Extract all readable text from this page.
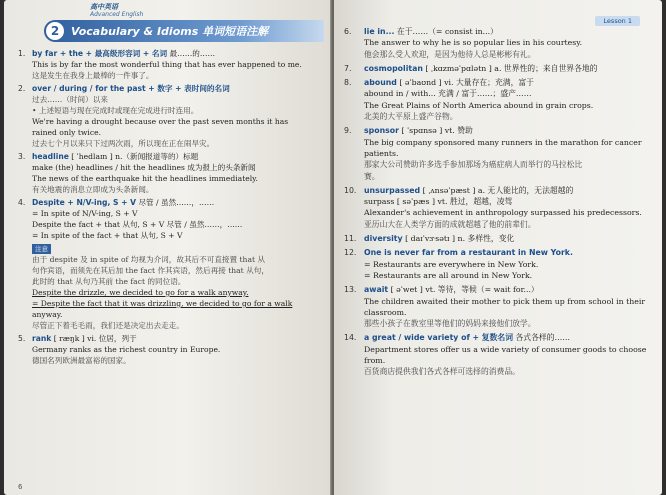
高中英语
Advanced English
2	Vocabulary & Idioms 单词短语注解
1. by far + the + 最高级形容词 + 名词 最……的……
This is by far the most wonderful thing that has ever happened to me.
这是发生在我身上最棒的一件事了。
2. over / during / for the past + 数字 + 表时间的名词
过去……（时间）以来
• 上述短语与现在完成时或现在完成进行时连用。
We're having a drought because over the past seven months it has
rained only twice.
过去七个月以来只下过两次雨，所以现在正在闹旱灾。
3. headline [ ˈhedlaɪn ] n.（新闻报道等的）标题
make (the) headlines / hit the headlines 成为报上的头条新闻
The news of the earthquake hit the headlines immediately.
有关地震的消息立即成为头条新闻。
4. Despite + N/V-ing, S + V 尽管 / 虽然……，……
= In spite of N/V-ing, S + V
Despite the fact + that 从句, S + V 尽管 / 虽然……，……
= In spite of the fact + that 从句, S + V
注意
由于 despite 及 in spite of 均视为介词，故其后不可直接置 that 从
句作宾语，而须先在其后加 the fact 作其宾语，然后再接 that 从句，
此时的 that 从句乃其前 the fact 的同位语。
Despite the drizzle, we decided to go for a walk anyway.
= Despite the fact that it was drizzling, we decided to go for a walk
anyway.
尽管正下着毛毛雨，我们还是决定出去走走。
5. rank [ ræŋk ] vi. 位居，列于
Germany ranks as the richest country in Europe.
德国名列欧洲最富裕的国家。
6
Lesson 1
6.	lie in... 在于……（= consist in...）
The answer to why he is so popular lies in his courtesy.
他会那么受人欢迎，是因为他待人总是彬彬有礼。
7.	cosmopolitan [ ˌkɑzməˈpɑlətn ] a. 世界性的；来自世界各地的
8.	abound [ əˈbaʊnd ] vi. 大量存在；充满，富于
abound in / with... 充满 / 富于……；盛产……
The Great Plains of North America abound in grain crops.
北美的大平原上盛产谷物。
9.	sponsor [ ˈspɑnsə ] vt. 赞助
The big company sponsored many runners in the marathon for cancer
patients.
那家大公司赞助许多选手参加那场为癌症病人而举行的马拉松比
赛。
10. unsurpassed [ ˌʌnsəˈpæst ] a. 无人能比的，无法超越的
surpass [ səˈpæs ] vt. 胜过，超越，凌驾
Alexander's achievement in anthropology surpassed his predecessors.
亚历山大在人类学方面的成就超越了他的前辈们。
11. diversity [ daɪˈvɝsətɪ ] n. 多样性，变化
12. One is never far from a restaurant in New York.
= Restaurants are everywhere in New York.
= Restaurants are all around in New York.
13. await [ əˈwet ] vt. 等待，等候（= wait for...）
The children awaited their mother to pick them up from school in their
classroom.
那些小孩子在教室里等他们的妈妈来接他们放学。
14. a great / wide variety of + 复数名词 各式各样的……
Department stores offer us a wide variety of consumer goods to choose
from.
百货商店提供我们各式各样可选择的消费品。
